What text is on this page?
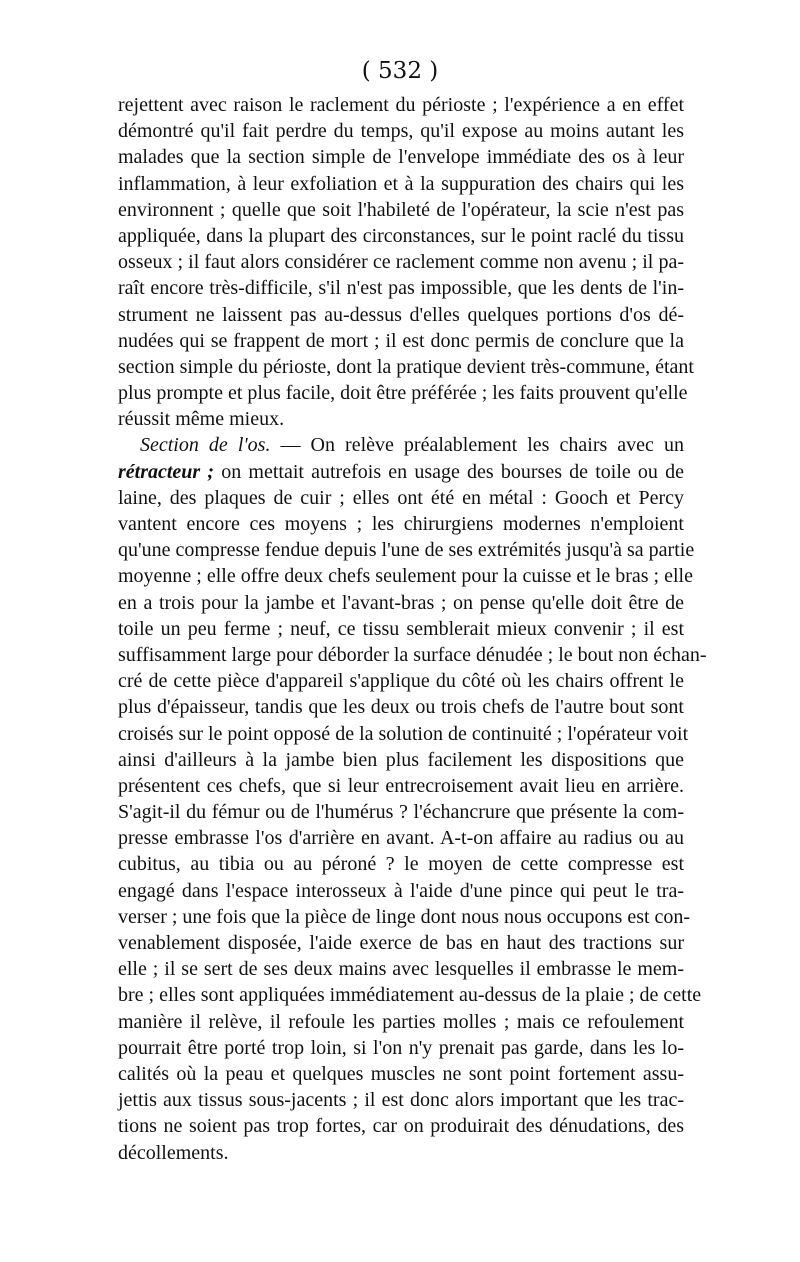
( 532 )
rejettent avec raison le raclement du périoste ; l'expérience a en effet
démontré qu'il fait perdre du temps, qu'il expose au moins autant les
malades que la section simple de l'envelope immédiate des os à leur
inflammation, à leur exfoliation et à la suppuration des chairs qui les
environnent ; quelle que soit l'habileté de l'opérateur, la scie n'est pas
appliquée, dans la plupart des circonstances, sur le point raclé du tissu
osseux ; il faut alors considérer ce raclement comme non avenu ; il pa-
raît encore très-difficile, s'il n'est pas impossible, que les dents de l'in-
strument ne laissent pas au-dessus d'elles quelques portions d'os dé-
nudées qui se frappent de mort ; il est donc permis de conclure que la
section simple du périoste, dont la pratique devient très-commune, étant
plus prompte et plus facile, doit être préférée ; les faits prouvent qu'elle
réussit même mieux.
Section de l'os. — On relève préalablement les chairs avec un
rétracteur ; on mettait autrefois en usage des bourses de toile ou de
laine, des plaques de cuir ; elles ont été en métal : Gooch et Percy
vantent encore ces moyens ; les chirurgiens modernes n'emploient
qu'une compresse fendue depuis l'une de ses extrémités jusqu'à sa partie
moyenne ; elle offre deux chefs seulement pour la cuisse et le bras ; elle
en a trois pour la jambe et l'avant-bras ; on pense qu'elle doit être de
toile un peu ferme ; neuf, ce tissu semblerait mieux convenir ; il est
suffisamment large pour déborder la surface dénudée ; le bout non échan-
cré de cette pièce d'appareil s'applique du côté où les chairs offrent le
plus d'épaisseur, tandis que les deux ou trois chefs de l'autre bout sont
croisés sur le point opposé de la solution de continuité ; l'opérateur voit
ainsi d'ailleurs à la jambe bien plus facilement les dispositions que
présentent ces chefs, que si leur entrecroisement avait lieu en arrière.
S'agit-il du fémur ou de l'humérus ? l'échancrure que présente la com-
presse embrasse l'os d'arrière en avant. A-t-on affaire au radius ou au
cubitus, au tibia ou au péroné ? le moyen de cette compresse est
engagé dans l'espace interosseux à l'aide d'une pince qui peut le tra-
verser ; une fois que la pièce de linge dont nous nous occupons est con-
venablement disposée, l'aide exerce de bas en haut des tractions sur
elle ; il se sert de ses deux mains avec lesquelles il embrasse le mem-
bre ; elles sont appliquées immédiatement au-dessus de la plaie ; de cette
manière il relève, il refoule les parties molles ; mais ce refoulement
pourrait être porté trop loin, si l'on n'y prenait pas garde, dans les lo-
calités où la peau et quelques muscles ne sont point fortement assu-
jettis aux tissus sous-jacents ; il est donc alors important que les trac-
tions ne soient pas trop fortes, car on produirait des dénudations, des
décollements.
